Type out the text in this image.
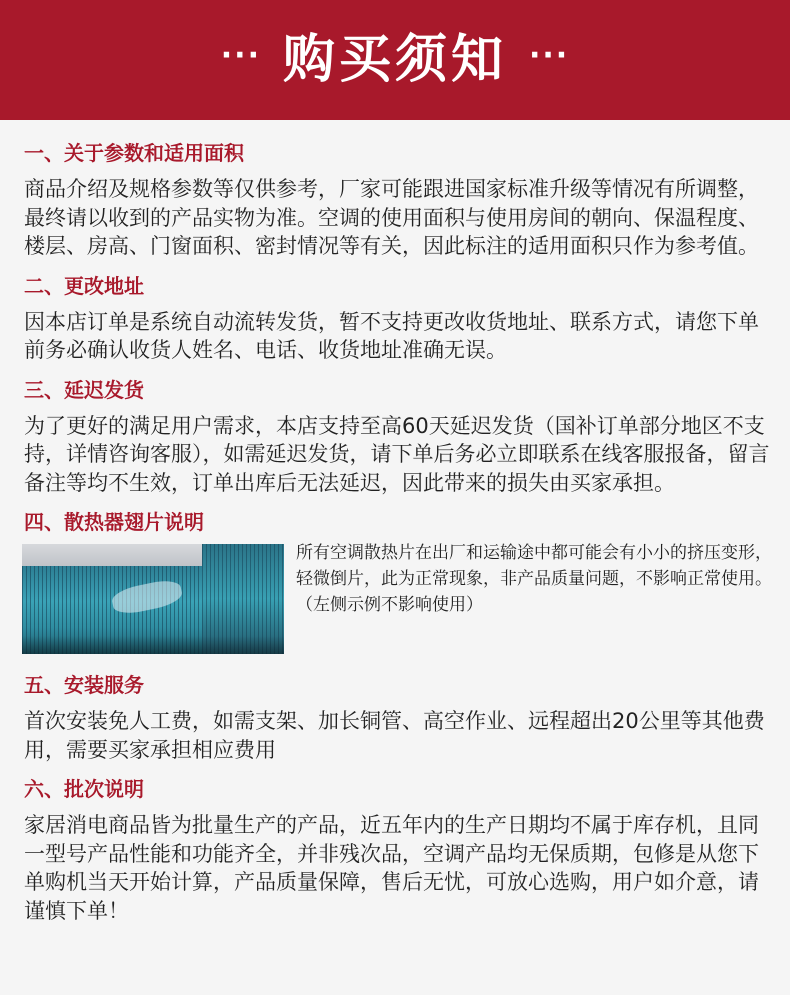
··· 购买须知 ···
一、关于参数和适用面积
商品介绍及规格参数等仅供参考，厂家可能跟进国家标准升级等情况有所调整，最终请以收到的产品实物为准。空调的使用面积与使用房间的朝向、保温程度、楼层、房高、门窗面积、密封情况等有关，因此标注的适用面积只作为参考值。
二、更改地址
因本店订单是系统自动流转发货，暂不支持更改收货地址、联系方式，请您下单前务必确认收货人姓名、电话、收货地址准确无误。
三、延迟发货
为了更好的满足用户需求，本店支持至高60天延迟发货（国补订单部分地区不支持，详情咨询客服），如需延迟发货，请下单后务必立即联系在线客服报备，留言备注等均不生效，订单出库后无法延迟，因此带来的损失由买家承担。
四、散热器翅片说明
所有空调散热片在出厂和运输途中都可能会有小小的挤压变形，轻微倒片，此为正常现象，非产品质量问题，不影响正常使用。（左侧示例不影响使用）
五、安装服务
首次安装免人工费，如需支架、加长铜管、高空作业、远程超出20公里等其他费用，需要买家承担相应费用
六、批次说明
家居消电商品皆为批量生产的产品，近五年内的生产日期均不属于库存机，且同一型号产品性能和功能齐全，并非残次品，空调产品均无保质期，包修是从您下单购机当天开始计算，产品质量保障，售后无忧，可放心选购，用户如介意，请谨慎下单！
